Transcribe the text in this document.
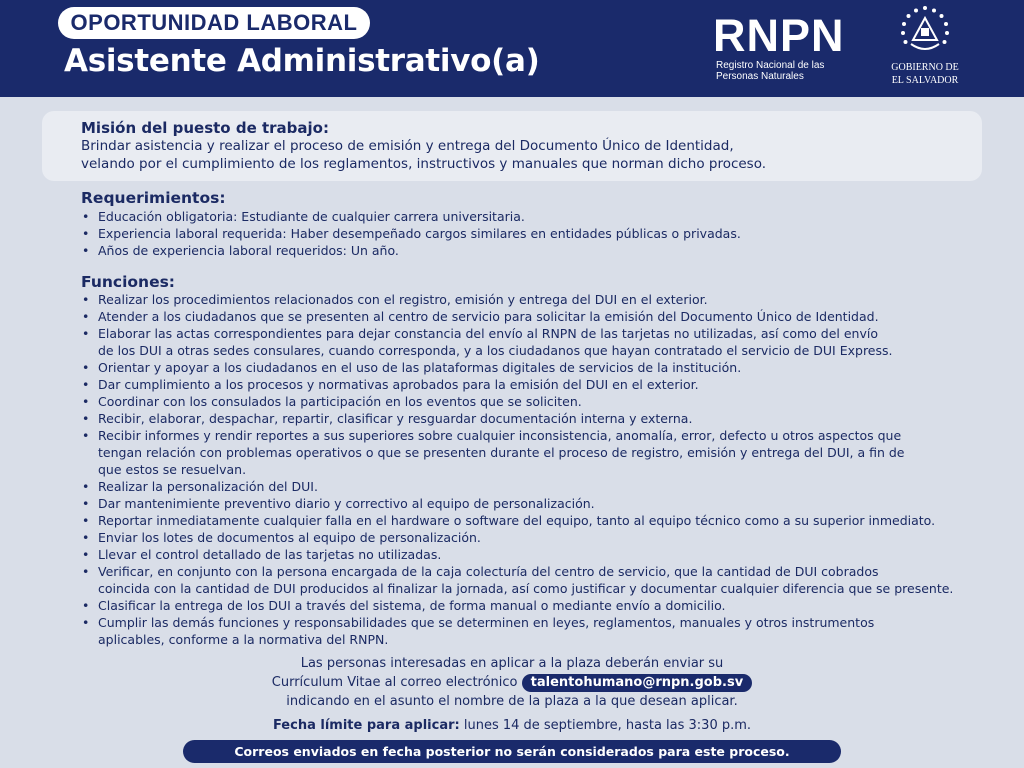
OPORTUNIDAD LABORAL
Asistente Administrativo(a)	RNPN
Registro Nacional de las
Personas Naturales
GOBIERNO DE
EL SALVADOR
Misión del puesto de trabajo:

Brindar asistencia y realizar el proceso de emisión y entrega del Documento Único de Identidad,
velando por el cumplimiento de los reglamentos, instructivos y manuales que norman dicho proceso.

Requerimientos:
• Educación obligatoria: Estudiante de cualquier carrera universitaria.
• Experiencia laboral requerida: Haber desempeñado cargos similares en entidades públicas o privadas.
• Años de experiencia laboral requeridos: Un año.
Funciones:
• Realizar los procedimientos relacionados con el registro, emisión y entrega del DUI en el exterior.
• Atender a los ciudadanos que se presenten al centro de servicio para solicitar la emisión del Documento Único de Identidad.
• Elaborar las actas correspondientes para dejar constancia del envío al RNPN de las tarjetas no utilizadas, así como del envío
de los DUI a otras sedes consulares, cuando corresponda, y a los ciudadanos que hayan contratado el servicio de DUI Express.
• Orientar y apoyar a los ciudadanos en el uso de las plataformas digitales de servicios de la institución.
• Dar cumplimiento a los procesos y normativas aprobados para la emisión del DUI en el exterior.
• Coordinar con los consulados la participación en los eventos que se soliciten.
• Recibir, elaborar, despachar, repartir, clasificar y resguardar documentación interna y externa.
• Recibir informes y rendir reportes a sus superiores sobre cualquier inconsistencia, anomalía, error, defecto u otros aspectos que
tengan relación con problemas operativos o que se presenten durante el proceso de registro, emisión y entrega del DUI, a fin de
que estos se resuelvan.
• Realizar la personalización del DUI.
• Dar mantenimiente preventivo diario y correctivo al equipo de personalización.
• Reportar inmediatamente cualquier falla en el hardware o software del equipo, tanto al equipo técnico como a su superior inmediato.
• Enviar los lotes de documentos al equipo de personalización.
• Llevar el control detallado de las tarjetas no utilizadas.
• Verificar, en conjunto con la persona encargada de la caja colecturía del centro de servicio, que la cantidad de DUI cobrados
coincida con la cantidad de DUI producidos al finalizar la jornada, así como justificar y documentar cualquier diferencia que se presente.
• Clasificar la entrega de los DUI a través del sistema, de forma manual o mediante envío a domicilio.
• Cumplir las demás funciones y responsabilidades que se determinen en leyes, reglamentos, manuales y otros instrumentos
aplicables, conforme a la normativa del RNPN.
Las personas interesadas en aplicar a la plaza deberán enviar su
Currículum Vitae al correo electrónico talentohumano@rnpn.gob.sv
indicando en el asunto el nombre de la plaza a la que desean aplicar.
Fecha límite para aplicar: lunes 14 de septiembre, hasta las 3:30 p.m.
Correos enviados en fecha posterior no serán considerados para este proceso.
